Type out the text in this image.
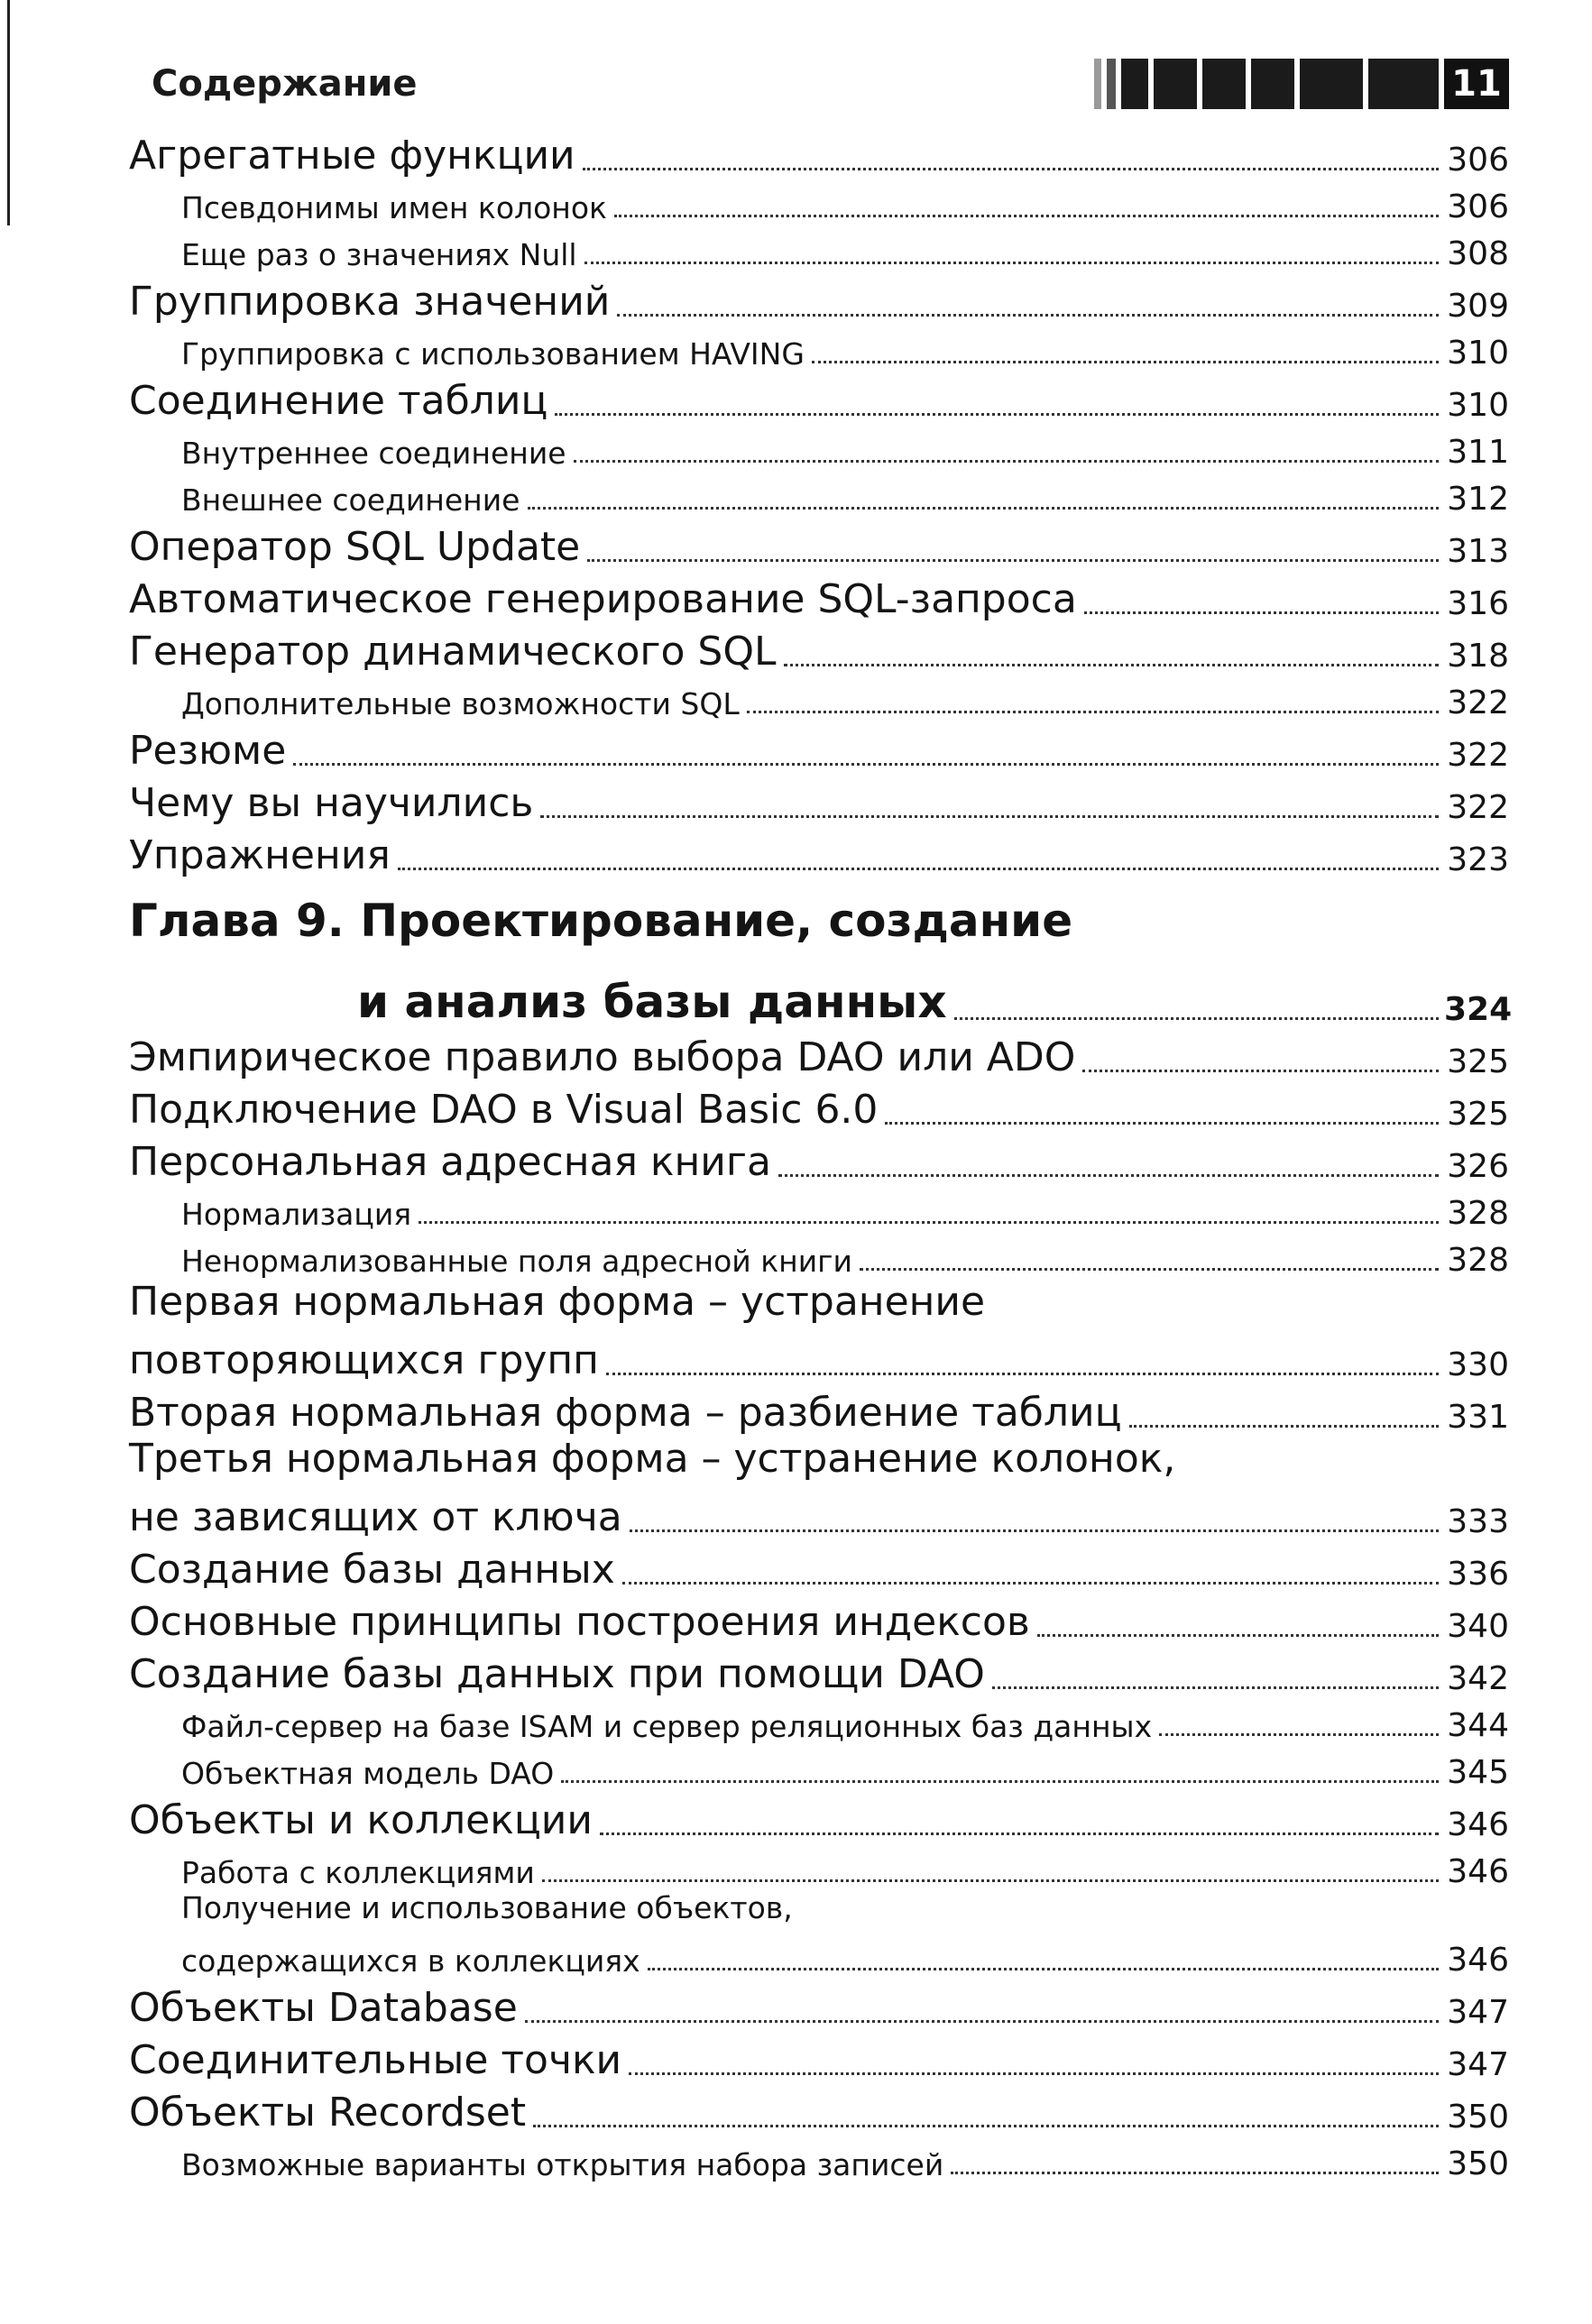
Содержание	11
Агрегатные функции	306
Псевдонимы имен колонок	306
Еще раз о значениях Null	308
Группировка значений	309
Группировка с использованием HAVING	310
Соединение таблиц	310
Внутреннее соединение	311
Внешнее соединение	312
Оператор SQL Update	313
Автоматическое генерирование SQL-запроса	316
Генератор динамического SQL	318
Дополнительные возможности SQL	322
Резюме	322
Чему вы научились	322
Упражнения	323
Глава 9. Проектирование, создание
и анализ базы данных	324
Эмпирическое правило выбора DAO или ADO	325
Подключение DAO в Visual Basic 6.0	325
Персональная адресная книга	326
Нормализация	328
Ненормализованные поля адресной книги	328
Первая нормальная форма – устранение
повторяющихся групп	330
Вторая нормальная форма – разбиение таблиц	331
Третья нормальная форма – устранение колонок,
не зависящих от ключа	333
Создание базы данных	336
Основные принципы построения индексов	340
Создание базы данных при помощи DAO	342
Файл-сервер на базе ISAM и сервер реляционных баз данных	344
Объектная модель DAO	345
Объекты и коллекции	346
Работа с коллекциями	346
Получение и использование объектов,
содержащихся в коллекциях	346
Объекты Database	347
Соединительные точки	347
Объекты Recordset	350
Возможные варианты открытия набора записей	350
